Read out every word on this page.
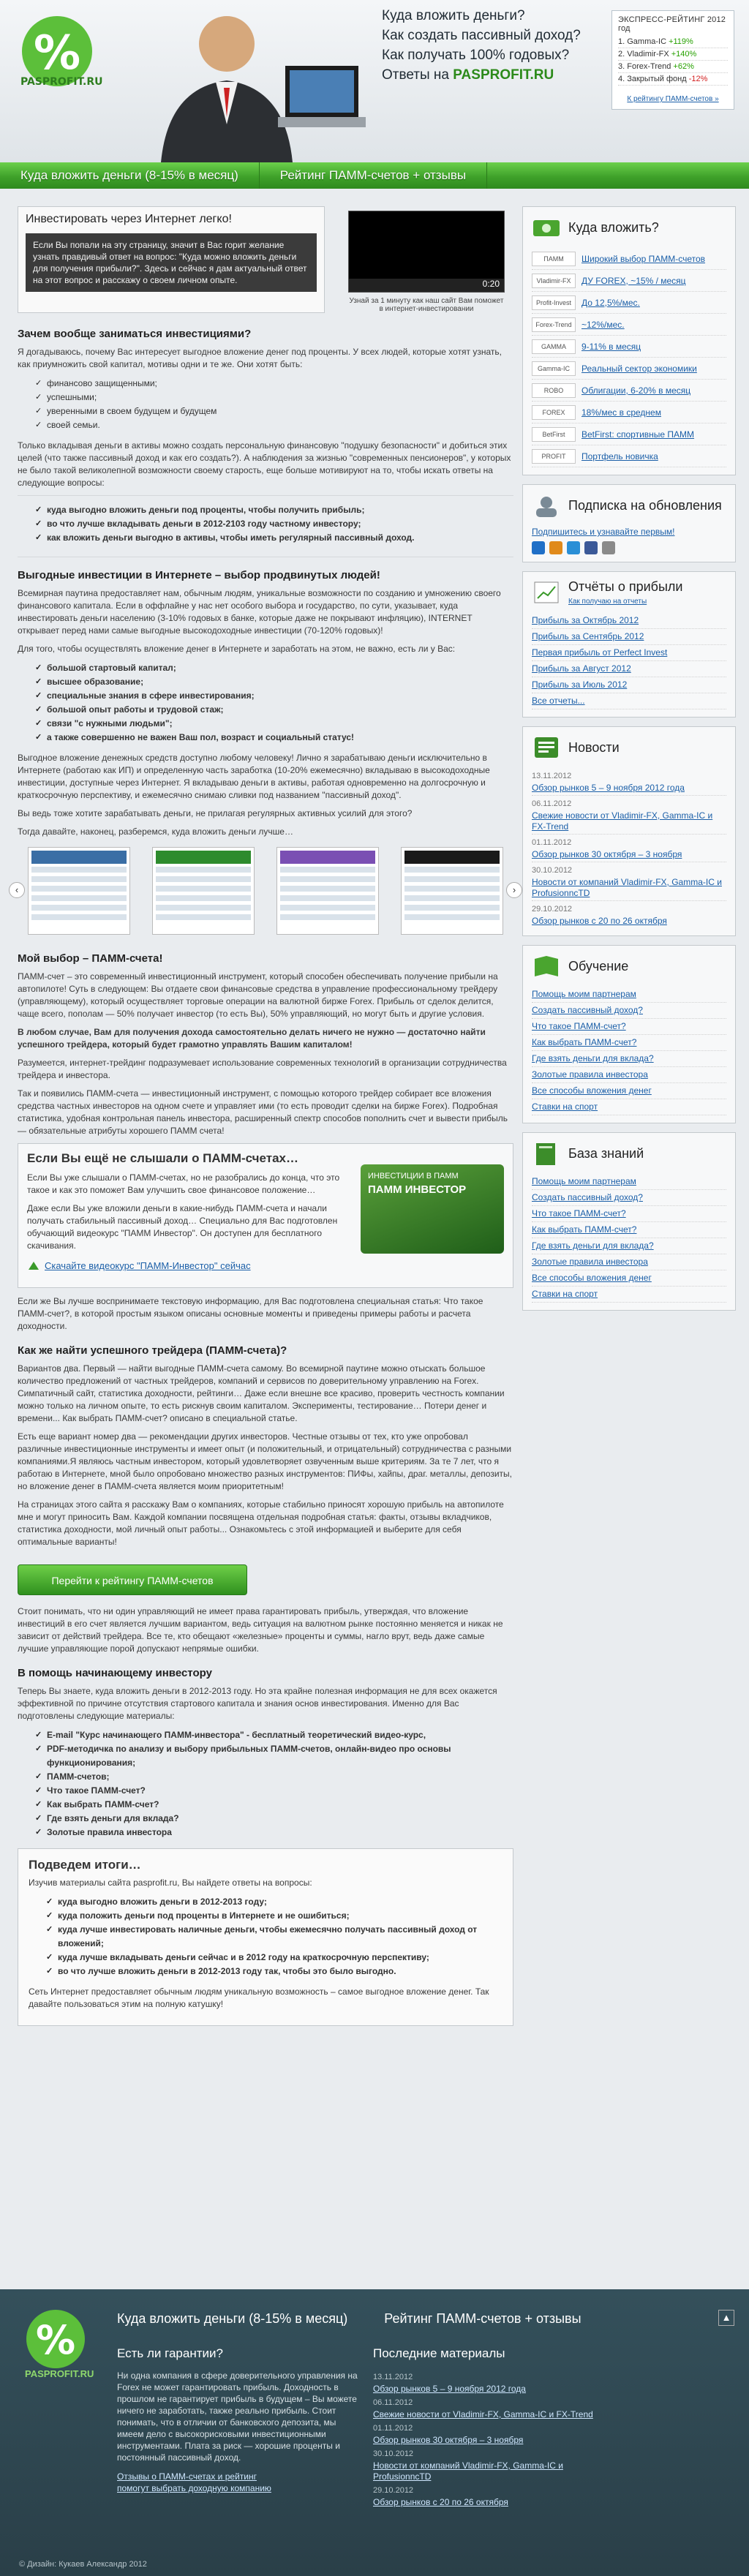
%
PASPROFIT.RU
Куда вложить деньги?
Как создать пассивный доход?
Как получать 100% годовых?
Ответы на PASPROFIT.RU
ЭКСПРЕСС-РЕЙТИНГ 2012 год
1. Gamma-IC +119%
2. Vladimir-FX +140%
3. Forex-Trend +62%
4. Закрытый фонд -12%
К рейтингу ПАММ-счетов »
Куда вложить деньги (8-15% в месяц)	Рейтинг ПАММ-счетов + отзывы
Инвестировать через Интернет легко!
Если Вы попали на эту страницу, значит в Вас горит желание узнать правдивый ответ на вопрос: "Куда можно вложить деньги для получения прибыли?". Здесь и сейчас я дам актуальный ответ на этот вопрос и расскажу о своем личном опыте.	0:20
Узнай за 1 минуту как наш сайт Вам поможет в интернет-инвестировании
Зачем вообще заниматься инвестициями?

Я догадываюсь, почему Вас интересует выгодное вложение денег под проценты. У всех людей, которые хотят узнать, как приумножить свой капитал, мотивы одни и те же. Они хотят быть:

✓ финансово защищенными;
✓ успешными;
✓ уверенными в своем будущем и будущем
✓ своей семьи.

Только вкладывая деньги в активы можно создать персональную финансовую "подушку безопасности" и добиться этих целей (что также пассивный доход и как его создать?). А наблюдения за жизнью "современных пенсионеров", у которых не было такой великолепной возможности своему старость, еще больше мотивируют на то, чтобы искать ответы на следующие вопросы:

✓ куда выгодно вложить деньги под проценты, чтобы получить прибыль;
✓ во что лучше вкладывать деньги в 2012-2103 году частному инвестору;
✓ как вложить деньги выгодно в активы, чтобы иметь регулярный пассивный доход.
Выгодные инвестиции в Интернете – выбор продвинутых людей!

Всемирная паутина предоставляет нам, обычным людям, уникальные возможности по созданию и умножению своего финансового капитала. Если в оффлайне у нас нет особого выбора и государство, по сути, указывает, куда инвестировать деньги населению (3-10% годовых в банке, которые даже не покрывают инфляцию), INTERNET открывает перед нами самые выгодные высокодоходные инвестиции (70-120% годовых)!

Для того, чтобы осуществлять вложение денег в Интернете и заработать на этом, не важно, есть ли у Вас:

✓ большой стартовый капитал;
✓ высшее образование;
✓ специальные знания в сфере инвестирования;
✓ большой опыт работы и трудовой стаж;
✓ связи "с нужными людьми";
✓ а также совершенно не важен Ваш пол, возраст и социальный статус!

Выгодное вложение денежных средств доступно любому человеку! Лично я зарабатываю деньги исключительно в Интернете (работаю как ИП) и определенную часть заработка (10-20% ежемесячно) вкладываю в высокодоходные инвестиции, доступные через Интернет. Я вкладываю деньги в активы, работая одновременно на долгосрочную и краткосрочную перспективу, и ежемесячно снимаю сливки под названием "пассивный доход".

Вы ведь тоже хотите зарабатывать деньги, не прилагая регулярных активных усилий для этого?

Тогда давайте, наконец, разберемся, куда вложить деньги лучше…

‹	›
Мой выбор – ПАММ-счета!

ПАММ-счет – это современный инвестиционный инструмент, который способен обеспечивать получение прибыли на автопилоте! Суть в следующем: Вы отдаете свои финансовые средства в управление профессиональному трейдеру (управляющему), который осуществляет торговые операции на валютной бирже Forex. Прибыль от сделок делится, чаще всего, пополам — 50% получает инвестор (то есть Вы), 50% управляющий, но могут быть и другие условия.

В любом случае, Вам для получения дохода самостоятельно делать ничего не нужно — достаточно найти успешного трейдера, который будет грамотно управлять Вашим капиталом!

Разумеется, интернет-трейдинг подразумевает использование современных технологий в организации сотрудничества трейдера и инвестора.

Так и появились ПАММ-счета — инвестиционный инструмент, с помощью которого трейдер собирает все вложения средства частных инвесторов на одном счете и управляет ими (то есть проводит сделки на бирже Forex). Подробная статистика, удобная контрольная панель инвестора, расширенный спектр способов пополнить счет и вывести прибыль — обязательные атрибуты хорошего ПАММ счета!

Если Вы ещё не слышали о ПАММ-счетах…

Если Вы уже слышали о ПАММ-счетах, но не разобрались до конца, что это такое и как это поможет Вам улучшить свое финансовое положение…

Даже если Вы уже вложили деньги в какие-нибудь ПАММ-счета и начали получать стабильный пассивный доход… Специально для Вас подготовлен обучающий видеокурс "ПАММ Инвестор". Он доступен для бесплатного скачивания.

ИНВЕСТИЦИИ В ПАММ
ПАММ ИНВЕСТОР
Скачайте видеокурс "ПАММ-Инвестор" сейчас

Если же Вы лучше воспринимаете текстовую информацию, для Вас подготовлена специальная статья: Что такое ПАММ-счет?, в которой простым языком описаны основные моменты и приведены примеры работы и расчета доходности.

Как же найти успешного трейдера (ПАММ-счета)?

Вариантов два. Первый — найти выгодные ПАММ-счета самому. Во всемирной паутине можно отыскать большое количество предложений от частных трейдеров, компаний и сервисов по доверительному управлению на Forex. Симпатичный сайт, статистика доходности, рейтинги… Даже если внешне все красиво, проверить честность компании можно только на личном опыте, то есть рискнув своим капиталом. Эксперименты, тестирование… Потери денег и времени... Как выбрать ПАММ-счет? описано в специальной статье.

Есть еще вариант номер два — рекомендации других инвесторов. Честные отзывы от тех, кто уже опробовал различные инвестиционные инструменты и имеет опыт (и положительный, и отрицательный) сотрудничества с разными компаниями.Я являюсь частным инвестором, который удовлетворяет озвученным выше критериям. За те 7 лет, что я работаю в Интернете, мной было опробовано множество разных инструментов: ПИФы, хайпы, драг. металлы, депозиты, но вложение денег в ПАММ-счета является моим приоритетным!

На страницах этого сайта я расскажу Вам о компаниях, которые стабильно приносят хорошую прибыль на автопилоте мне и могут приносить Вам. Каждой компании посвящена отдельная подробная статья: факты, отзывы вкладчиков, статистика доходности, мой личный опыт работы... Ознакомьтесь с этой информацией и выберите для себя оптимальные варианты!

Перейти к рейтингу ПАММ-счетов

Стоит понимать, что ни один управляющий не имеет права гарантировать прибыль, утверждая, что вложение инвестиций в его счет является лучшим вариантом, ведь ситуация на валютном рынке постоянно меняется и никак не зависит от действий трейдера. Все те, кто обещают «железные» проценты и суммы, нагло врут, ведь даже самые лучшие управляющие порой допускают непрямые ошибки.

В помощь начинающему инвестору

Теперь Вы знаете, куда вложить деньги в 2012-2013 году. Но эта крайне полезная информация не для всех окажется эффективной по причине отсутствия стартового капитала и знания основ инвестирования. Именно для Вас подготовлены следующие материалы:

✓ E-mail "Курс начинающего ПАММ-инвестора" - бесплатный теоретический видео-курс,
✓ PDF-методичка по анализу и выбору прибыльных ПАММ-счетов, онлайн-видео про основы функционирования;
✓ ПАММ-счетов;
✓ Что такое ПАММ-счет?
✓ Как выбрать ПАММ-счет?
✓ Где взять деньги для вклада?
✓ Золотые правила инвестора
Подведем итоги…

Изучив материалы сайта pasprofit.ru, Вы найдете ответы на вопросы:

✓ куда выгодно вложить деньги в 2012-2013 году;
✓ куда положить деньги под проценты в Интернете и не ошибиться;
✓ куда лучше инвестировать наличные деньги, чтобы ежемесячно получать пассивный доход от вложений;
✓ куда лучше вкладывать деньги сейчас и в 2012 году на краткосрочную перспективу;
✓ во что лучше вложить деньги в 2012-2013 году так, чтобы это было выгодно.

Сеть Интернет предоставляет обычным людям уникальную возможность – самое выгодное вложение денег. Так давайте пользоваться этим на полную катушку!

Куда вложить?
ПАММ	Широкий выбор ПАММ-счетов
Vladimir-FX	ДУ FOREX, ~15% / месяц
Profit-Invest	До 12,5%/мес.
Forex-Trend	~12%/мес.
GAMMA	9-11% в месяц
Gamma-IC	Реальный сектор экономики
ROBO	Облигации, 6-20% в месяц
FOREX	18%/мес в среднем
BetFirst	BetFirst: спортивные ПАММ
PROFIT	Портфель новичка
Подписка на обновления
Подпишитесь и узнавайте первым!
Отчёты о прибыли
Как получаю на отчеты
Прибыль за Октябрь 2012
Прибыль за Сентябрь 2012
Первая прибыль от Perfect Invest
Прибыль за Август 2012
Прибыль за Июль 2012
Все отчеты...
Новости
13.11.2012
Обзор рынков 5 – 9 ноября 2012 года
06.11.2012
Свежие новости от Vladimir-FX, Gamma-IC и FX-Trend
01.11.2012
Обзор рынков 30 октября – 3 ноября
30.10.2012
Новости от компаний Vladimir-FX, Gamma-IC и ProfusionncTD
29.10.2012
Обзор рынков с 20 по 26 октября
Обучение
Помощь моим партнерам
Создать пассивный доход?
Что такое ПАММ-счет?
Как выбрать ПАММ-счет?
Где взять деньги для вклада?
Золотые правила инвестора
Все способы вложения денег
Ставки на спорт
База знаний
Помощь моим партнерам
Создать пассивный доход?
Что такое ПАММ-счет?
Как выбрать ПАММ-счет?
Где взять деньги для вклада?
Золотые правила инвестора
Все способы вложения денег
Ставки на спорт
%
PASPROFIT.RU
Куда вложить деньги (8-15% в месяц)	Рейтинг ПАММ-счетов + отзывы	▲
Есть ли гарантии?

Ни одна компания в сфере доверительного управления на Forex не может гарантировать прибыль. Доходность в прошлом не гарантирует прибыль в будущем – Вы можете ничего не заработать, также реально прибыль. Стоит понимать, что в отличии от банковского депозита, мы имеем дело с высокорисковыми инвестиционными инструментами. Плата за риск — хорошие проценты и постоянный пассивный доход.

Отзывы о ПАММ-счетах и рейтинг

помогут выбрать доходную компанию

Последние материалы
13.11.2012
Обзор рынков 5 – 9 ноября 2012 года
06.11.2012
Свежие новости от Vladimir-FX, Gamma-IC и FX-Trend
01.11.2012
Обзор рынков 30 октября – 3 ноября
30.10.2012
Новости от компаний Vladimir-FX, Gamma-IC и ProfusionncTD
29.10.2012
Обзор рынков с 20 по 26 октября
© Дизайн: Кукаев Александр 2012
